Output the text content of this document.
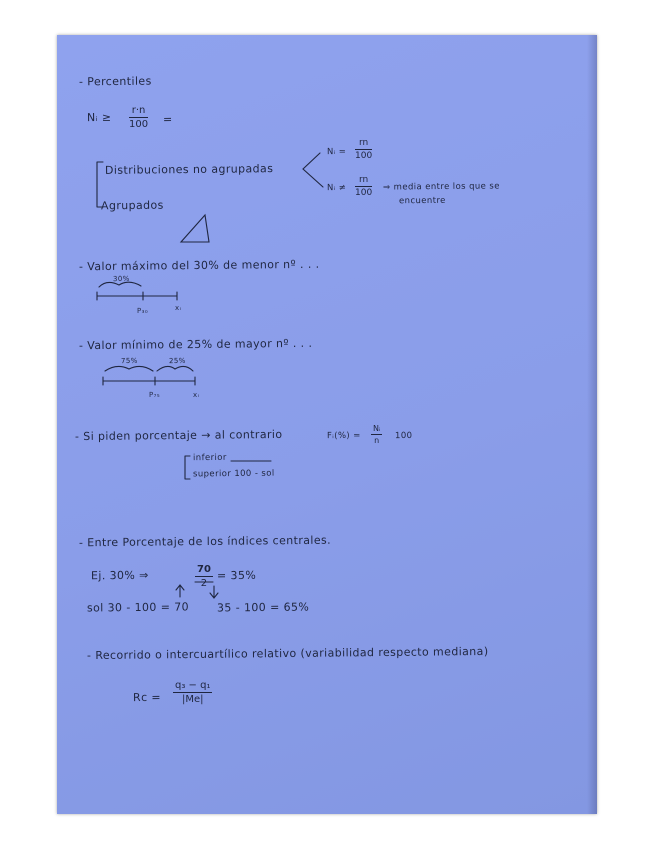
- Percentiles
Nᵢ ≥ $\frac{r\cdot n}{100}$ =
Distribuciones no agrupadas
Nᵢ = $\frac{rn}{100}$
Nᵢ ≠ $\frac{rn}{100}$ ⇒ media entre los que se
encuentre
Agrupados
- Valor máximo del 30% de menor nº . . .
30%
P₃₀	xᵢ
- Valor mínimo de 25% de mayor nº . . .
75%	25%
P₇₅	xᵢ
- Si piden porcentaje → al contrario	Fᵢ(%) = $\frac{\text{Nᵢ}}{n} 100$
inferior
superior 100 - sol
- Entre Porcentaje de los índices centrales.
Ej. 30% ⇒	$\frac{70}{2} = 35\%$
sol 30 - 100 = 70	35 - 100 = 65%
- Recorrido o intercuartílico relativo (variabilidad respecto mediana)
Rᴄ = $\frac{\text{q₃ − q₁}}{|Me|}$
